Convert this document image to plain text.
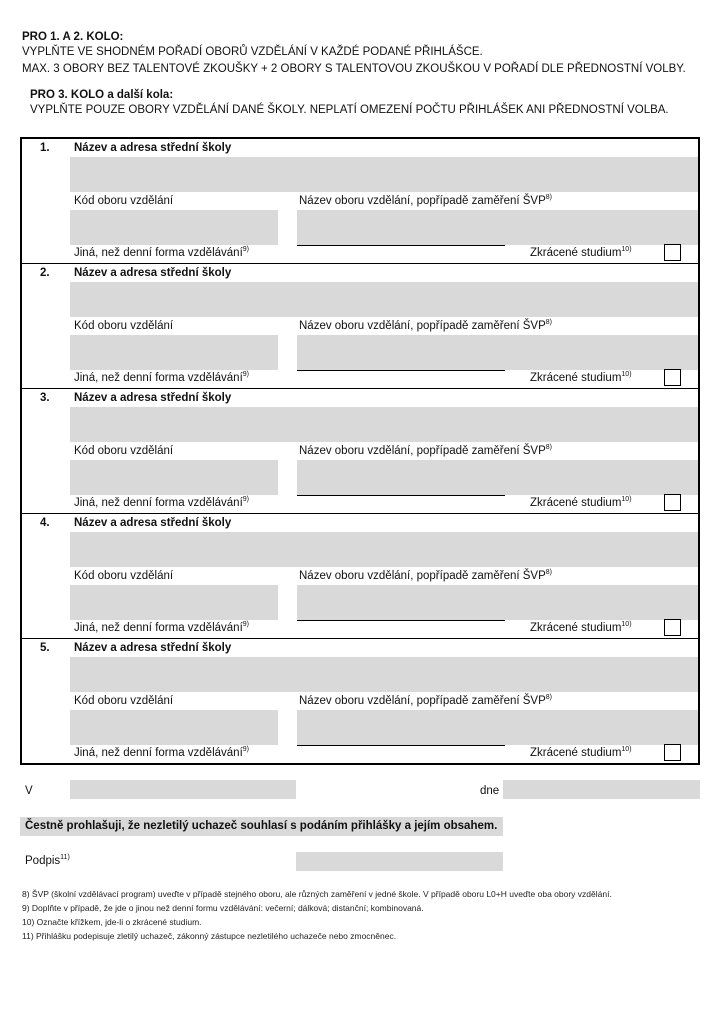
PRO 1. A 2. KOLO:
VYPLŇTE VE SHODNÉM POŘADÍ OBORŮ VZDĚLÁNÍ V KAŽDÉ PODANÉ PŘIHLÁŠCE.
MAX. 3 OBORY BEZ TALENTOVÉ ZKOUŠKY + 2 OBORY S TALENTOVOU ZKOUŠKOU V POŘADÍ DLE PŘEDNOSTNÍ VOLBY.
PRO 3. KOLO a další kola:
VYPLŇTE POUZE OBORY VZDĚLÁNÍ DANÉ ŠKOLY. NEPLATÍ OMEZENÍ POČTU PŘIHLÁŠEK ANI PŘEDNOSTNÍ VOLBA.
1. Název a adresa střední školy
Kód oboru vzdělání	Název oboru vzdělání, popřípadě zaměření ŠVP$^{8)}$
Jiná, než denní forma vzdělávání$^{9)}$	Zkrácené studium$^{10)}$
2. Název a adresa střední školy
Kód oboru vzdělání	Název oboru vzdělání, popřípadě zaměření ŠVP$^{8)}$
Jiná, než denní forma vzdělávání$^{9)}$	Zkrácené studium$^{10)}$
3. Název a adresa střední školy
Kód oboru vzdělání	Název oboru vzdělání, popřípadě zaměření ŠVP$^{8)}$
Jiná, než denní forma vzdělávání$^{9)}$	Zkrácené studium$^{10)}$
4. Název a adresa střední školy
Kód oboru vzdělání	Název oboru vzdělání, popřípadě zaměření ŠVP$^{8)}$
Jiná, než denní forma vzdělávání$^{9)}$	Zkrácené studium$^{10)}$
5. Název a adresa střední školy
Kód oboru vzdělání	Název oboru vzdělání, popřípadě zaměření ŠVP$^{8)}$
Jiná, než denní forma vzdělávání$^{9)}$	Zkrácené studium$^{10)}$
V	dne
Čestně prohlašuji, že nezletilý uchazeč souhlasí s podáním přihlášky a jejím obsahem.
Podpis$^{11)}$
8) ŠVP (školní vzdělávací program) uveďte v případě stejného oboru, ale různých zaměření v jedné škole. V případě oboru L0+H uveďte oba obory vzdělání.
9) Doplňte v případě, že jde o jinou než denní formu vzdělávání: večerní; dálková; distanční; kombinovaná.
10) Označte křížkem, jde-li o zkrácené studium.
11) Přihlášku podepisuje zletilý uchazeč, zákonný zástupce nezletilého uchazeče nebo zmocněnec.
